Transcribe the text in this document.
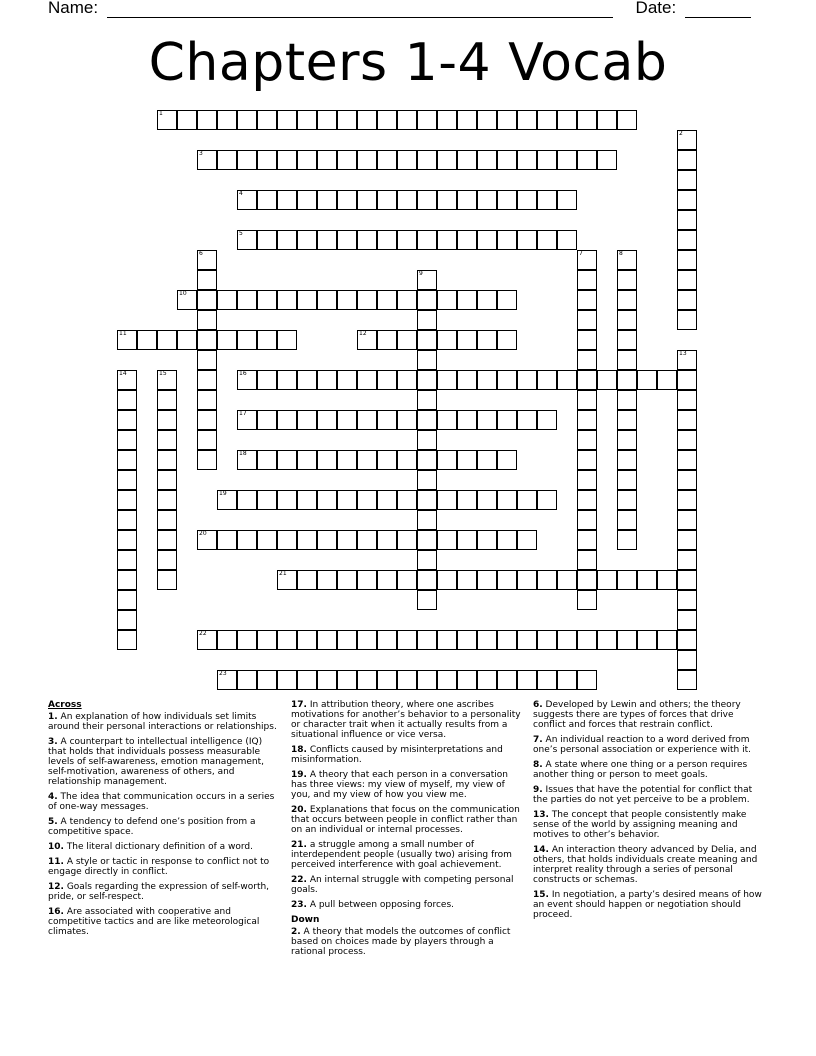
Name:	Date:
Chapters 1-4 Vocab
1
2
3
4
5
6	7	8
9
10
11	12
13
14	15	16
17
18
19
20
21
22
23
Across
1. An explanation of how individuals set limits around their personal interactions or relationships.
3. A counterpart to intellectual intelligence (IQ) that holds that individuals possess measurable levels of self-awareness, emotion management, self-motivation, awareness of others, and relationship management.
4. The idea that communication occurs in a series of one-way messages.
5. A tendency to defend one’s position from a competitive space.
10. The literal dictionary definition of a word.
11. A style or tactic in response to conflict not to engage directly in conflict.
12. Goals regarding the expression of self-worth, pride, or self-respect.
16. Are associated with cooperative and competitive tactics and are like meteorological climates.
17. In attribution theory, where one ascribes motivations for another’s behavior to a personality or character trait when it actually results from a situational influence or vice versa.
18. Conflicts caused by misinterpretations and misinformation.
19. A theory that each person in a conversation has three views: my view of myself, my view of you, and my view of how you view me.
20. Explanations that focus on the communication that occurs between people in conflict rather than on an individual or internal processes.
21. a struggle among a small number of interdependent people (usually two) arising from perceived interference with goal achievement.
22. An internal struggle with competing personal goals.
23. A pull between opposing forces.
Down
2. A theory that models the outcomes of conflict based on choices made by players through a rational process.
6. Developed by Lewin and others; the theory suggests there are types of forces that drive conflict and forces that restrain conflict.
7. An individual reaction to a word derived from one’s personal association or experience with it.
8. A state where one thing or a person requires another thing or person to meet goals.
9. Issues that have the potential for conflict that the parties do not yet perceive to be a problem.
13. The concept that people consistently make sense of the world by assigning meaning and motives to other’s behavior.
14. An interaction theory advanced by Delia, and others, that holds individuals create meaning and interpret reality through a series of personal constructs or schemas.
15. In negotiation, a party’s desired means of how an event should happen or negotiation should proceed.
